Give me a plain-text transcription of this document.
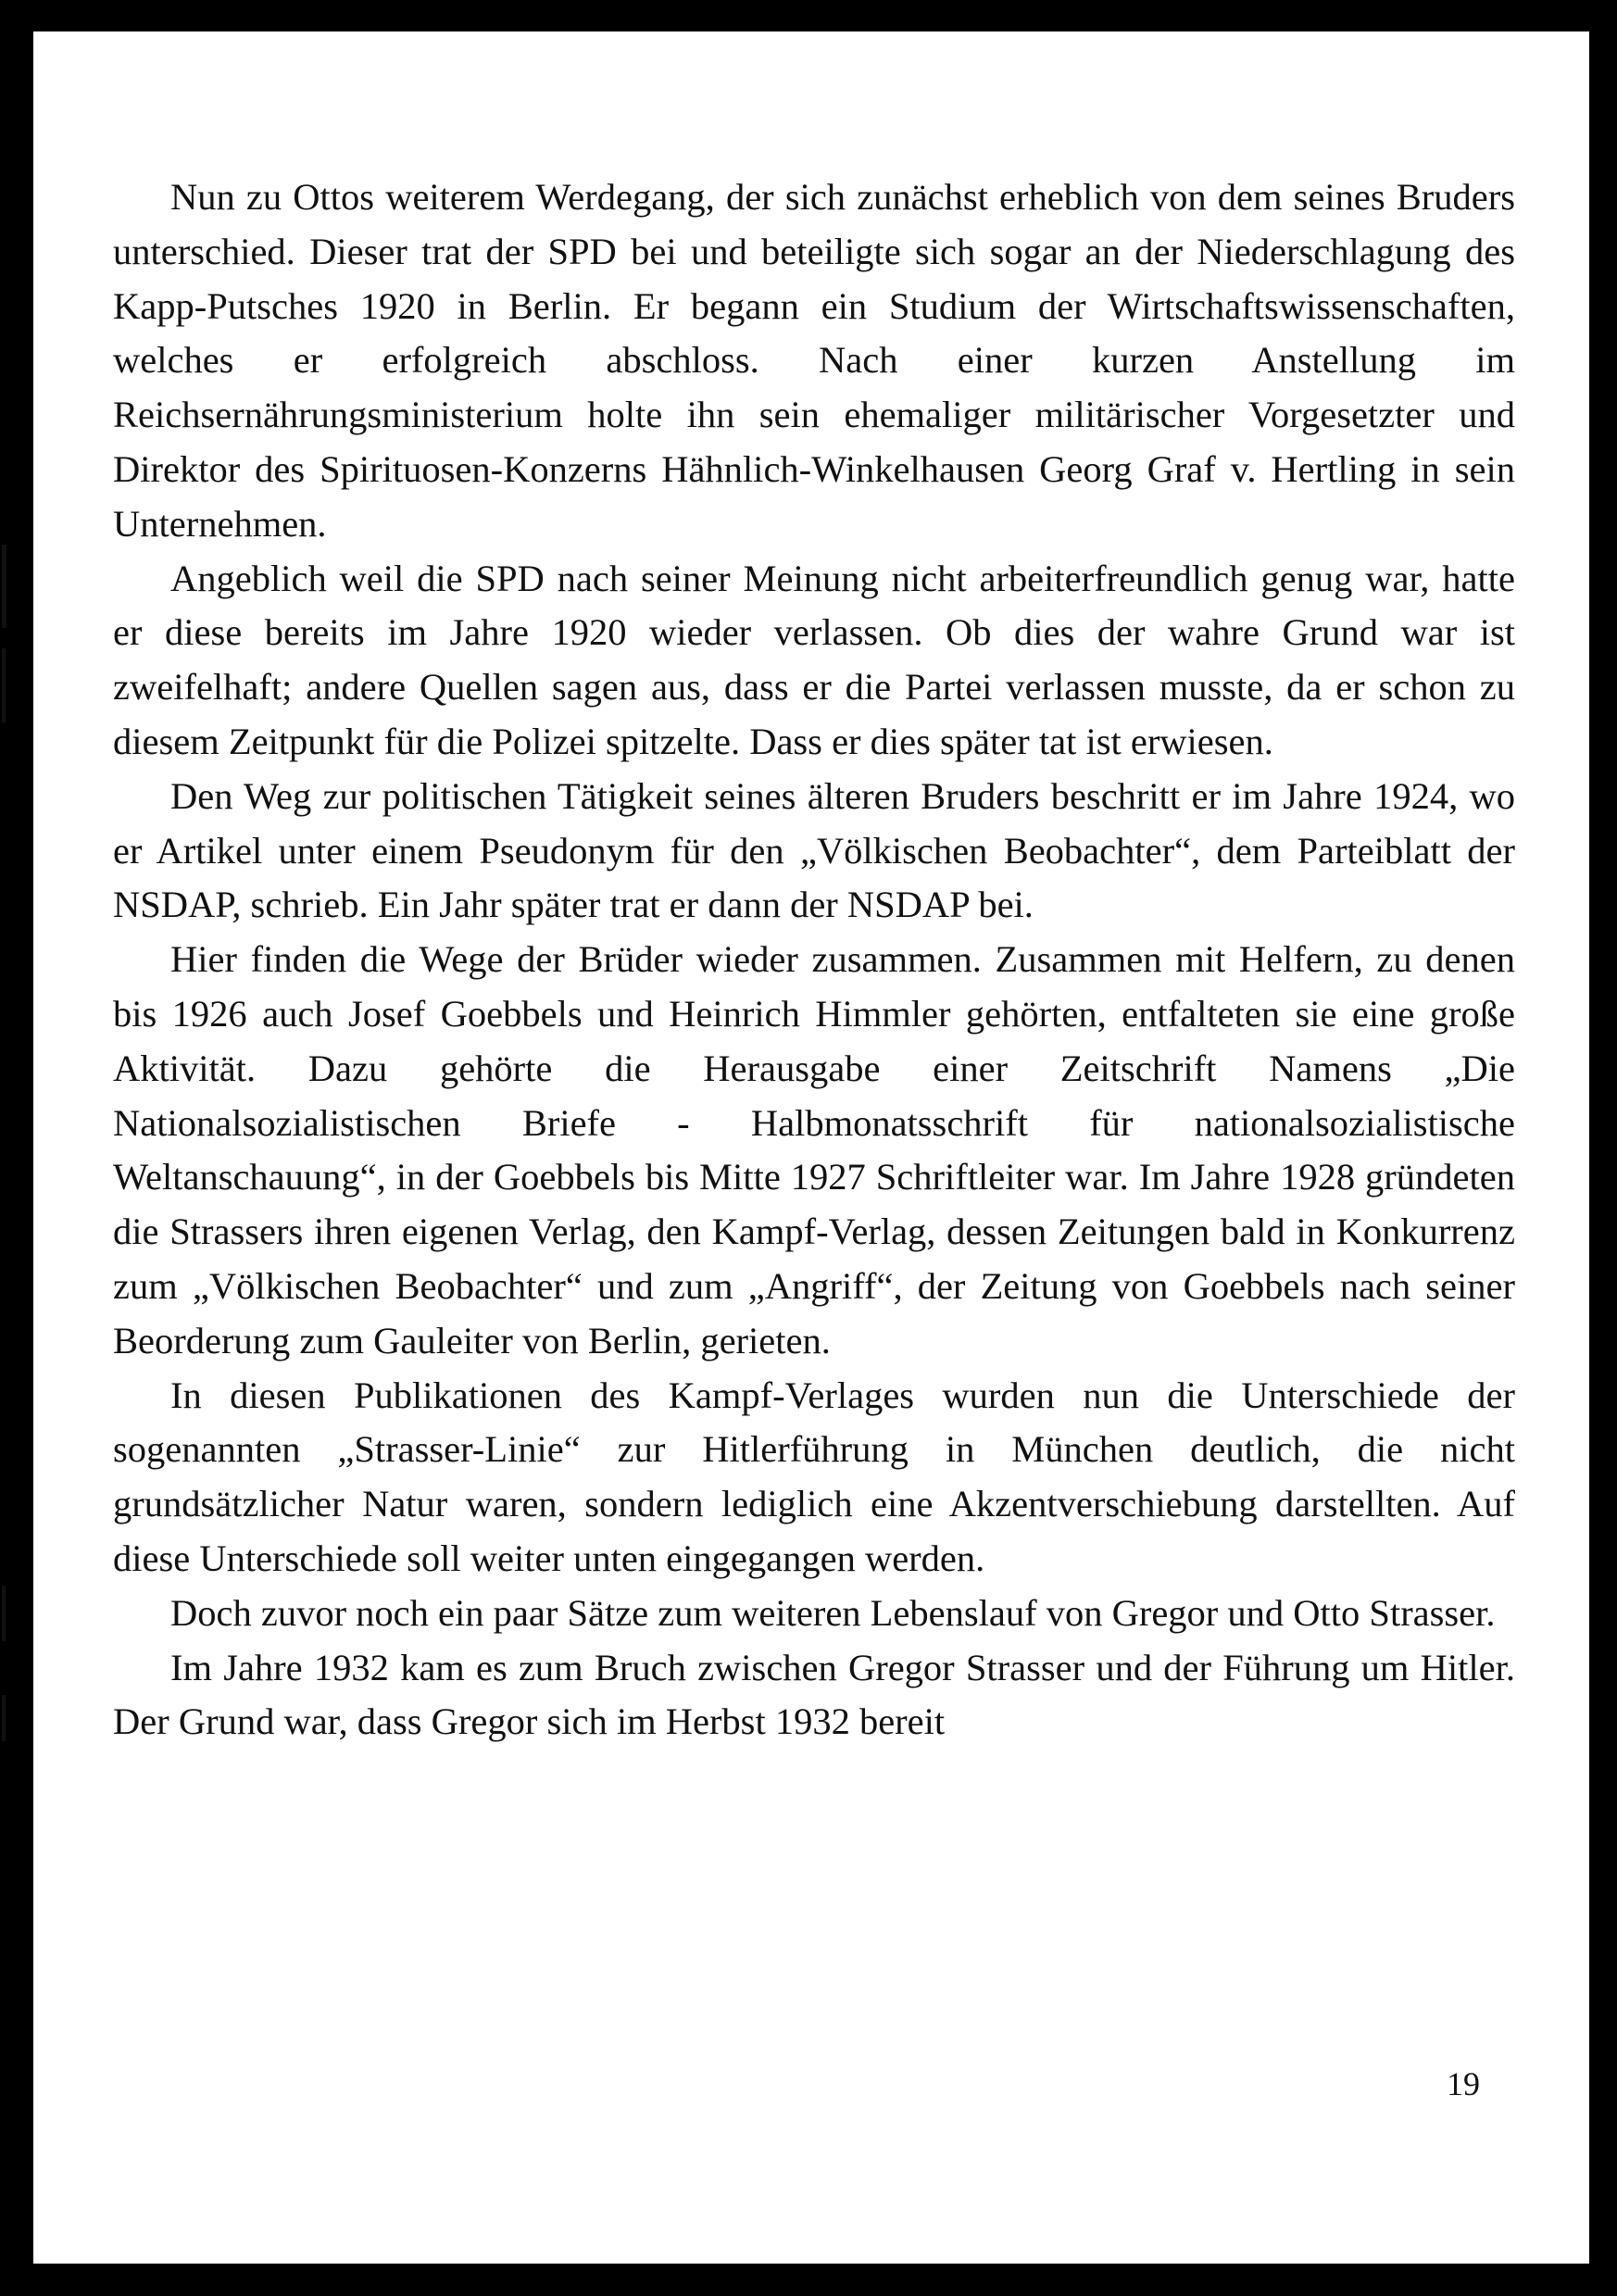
Nun zu Ottos weiterem Werdegang, der sich zunächst erheblich von dem seines Bruders unterschied. Dieser trat der SPD bei und beteiligte sich sogar an der Niederschlagung des Kapp-Putsches 1920 in Berlin. Er begann ein Studium der Wirtschaftswissenschaften, welches er erfolgreich abschloss. Nach einer kurzen Anstellung im Reichsernährungsministerium holte ihn sein ehemaliger militärischer Vorgesetzter und Direktor des Spirituosen-Konzerns Hähnlich-Winkelhausen Georg Graf v. Hertling in sein Unternehmen.

Angeblich weil die SPD nach seiner Meinung nicht arbeiterfreundlich genug war, hatte er diese bereits im Jahre 1920 wieder verlassen. Ob dies der wahre Grund war ist zweifelhaft; andere Quellen sagen aus, dass er die Partei verlassen musste, da er schon zu diesem Zeitpunkt für die Polizei spitzelte. Dass er dies später tat ist erwiesen.

Den Weg zur politischen Tätigkeit seines älteren Bruders beschritt er im Jahre 1924, wo er Artikel unter einem Pseudonym für den „Völkischen Beobachter“, dem Parteiblatt der NSDAP, schrieb. Ein Jahr später trat er dann der NSDAP bei.

Hier finden die Wege der Brüder wieder zusammen. Zusammen mit Helfern, zu denen bis 1926 auch Josef Goebbels und Heinrich Himmler gehörten, entfalteten sie eine große Aktivität. Dazu gehörte die Herausgabe einer Zeitschrift Namens „Die Nationalsozialistischen Briefe - Halbmonatsschrift für nationalsozialistische Weltanschauung“, in der Goebbels bis Mitte 1927 Schriftleiter war. Im Jahre 1928 gründeten die Strassers ihren eigenen Verlag, den Kampf-Verlag, dessen Zeitungen bald in Konkurrenz zum „Völkischen Beobachter“ und zum „Angriff“, der Zeitung von Goebbels nach seiner Beorderung zum Gauleiter von Berlin, gerieten.

In diesen Publikationen des Kampf-Verlages wurden nun die Unterschiede der sogenannten „Strasser-Linie“ zur Hitlerführung in München deutlich, die nicht grundsätzlicher Natur waren, sondern lediglich eine Akzentverschiebung darstellten. Auf diese Unterschiede soll weiter unten eingegangen werden.

Doch zuvor noch ein paar Sätze zum weiteren Lebenslauf von Gregor und Otto Strasser.

Im Jahre 1932 kam es zum Bruch zwischen Gregor Strasser und der Führung um Hitler. Der Grund war, dass Gregor sich im Herbst 1932 bereit

19
